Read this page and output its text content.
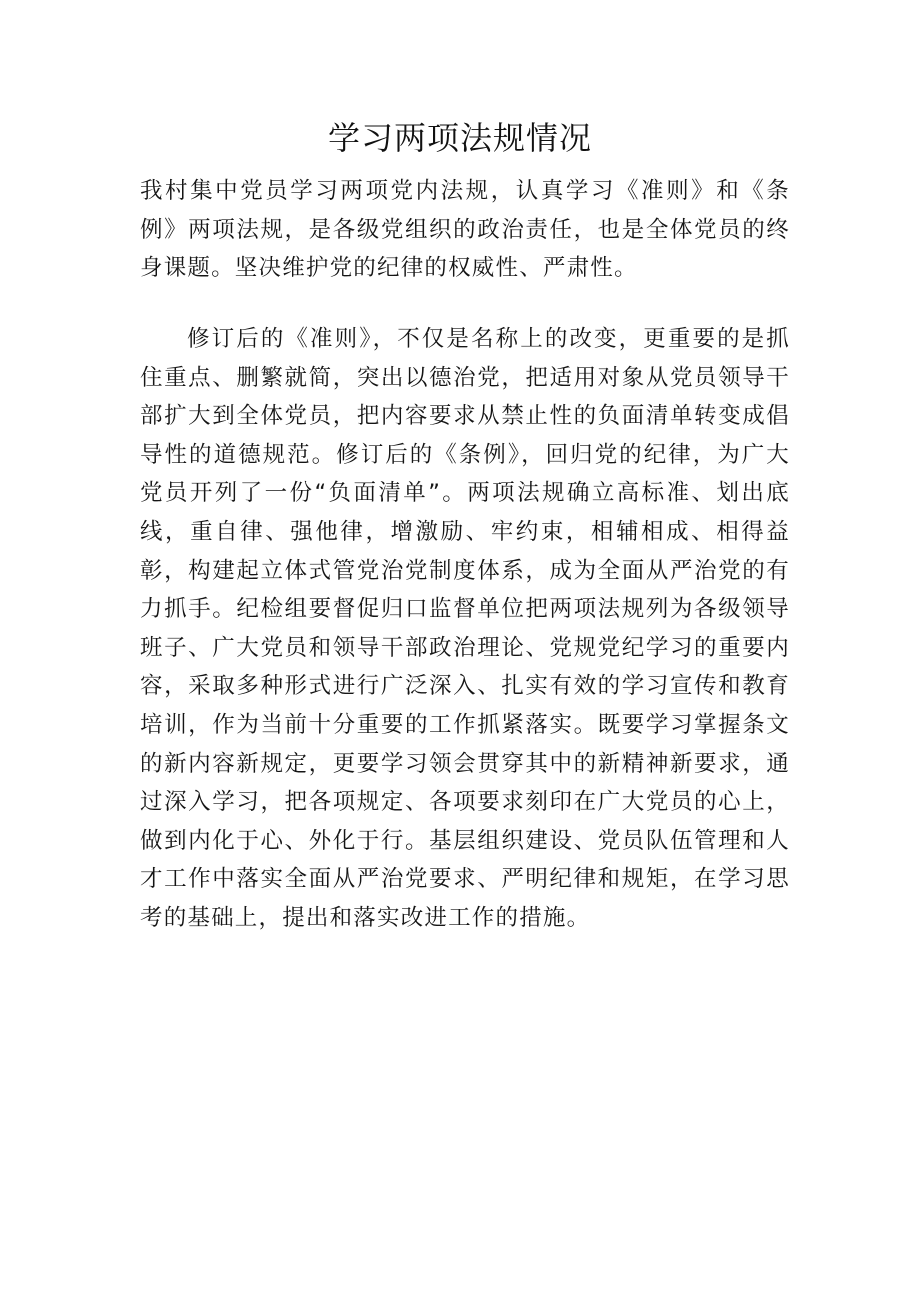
学习两项法规情况

我村集中党员学习两项党内法规，认真学习《准则》和《条例》两项法规，是各级党组织的政治责任，也是全体党员的终身课题。坚决维护党的纪律的权威性、严肃性。

修订后的《准则》，不仅是名称上的改变，更重要的是抓住重点、删繁就简，突出以德治党，把适用对象从党员领导干部扩大到全体党员，把内容要求从禁止性的负面清单转变成倡导性的道德规范。修订后的《条例》，回归党的纪律，为广大党员开列了一份“负面清单”。两项法规确立高标准、划出底线，重自律、强他律，增激励、牢约束，相辅相成、相得益彰，构建起立体式管党治党制度体系，成为全面从严治党的有力抓手。纪检组要督促归口监督单位把两项法规列为各级领导班子、广大党员和领导干部政治理论、党规党纪学习的重要内容，采取多种形式进行广泛深入、扎实有效的学习宣传和教育培训，作为当前十分重要的工作抓紧落实。既要学习掌握条文的新内容新规定，更要学习领会贯穿其中的新精神新要求，通过深入学习，把各项规定、各项要求刻印在广大党员的心上，做到内化于心、外化于行。基层组织建设、党员队伍管理和人才工作中落实全面从严治党要求、严明纪律和规矩，在学习思考的基础上，提出和落实改进工作的措施。
